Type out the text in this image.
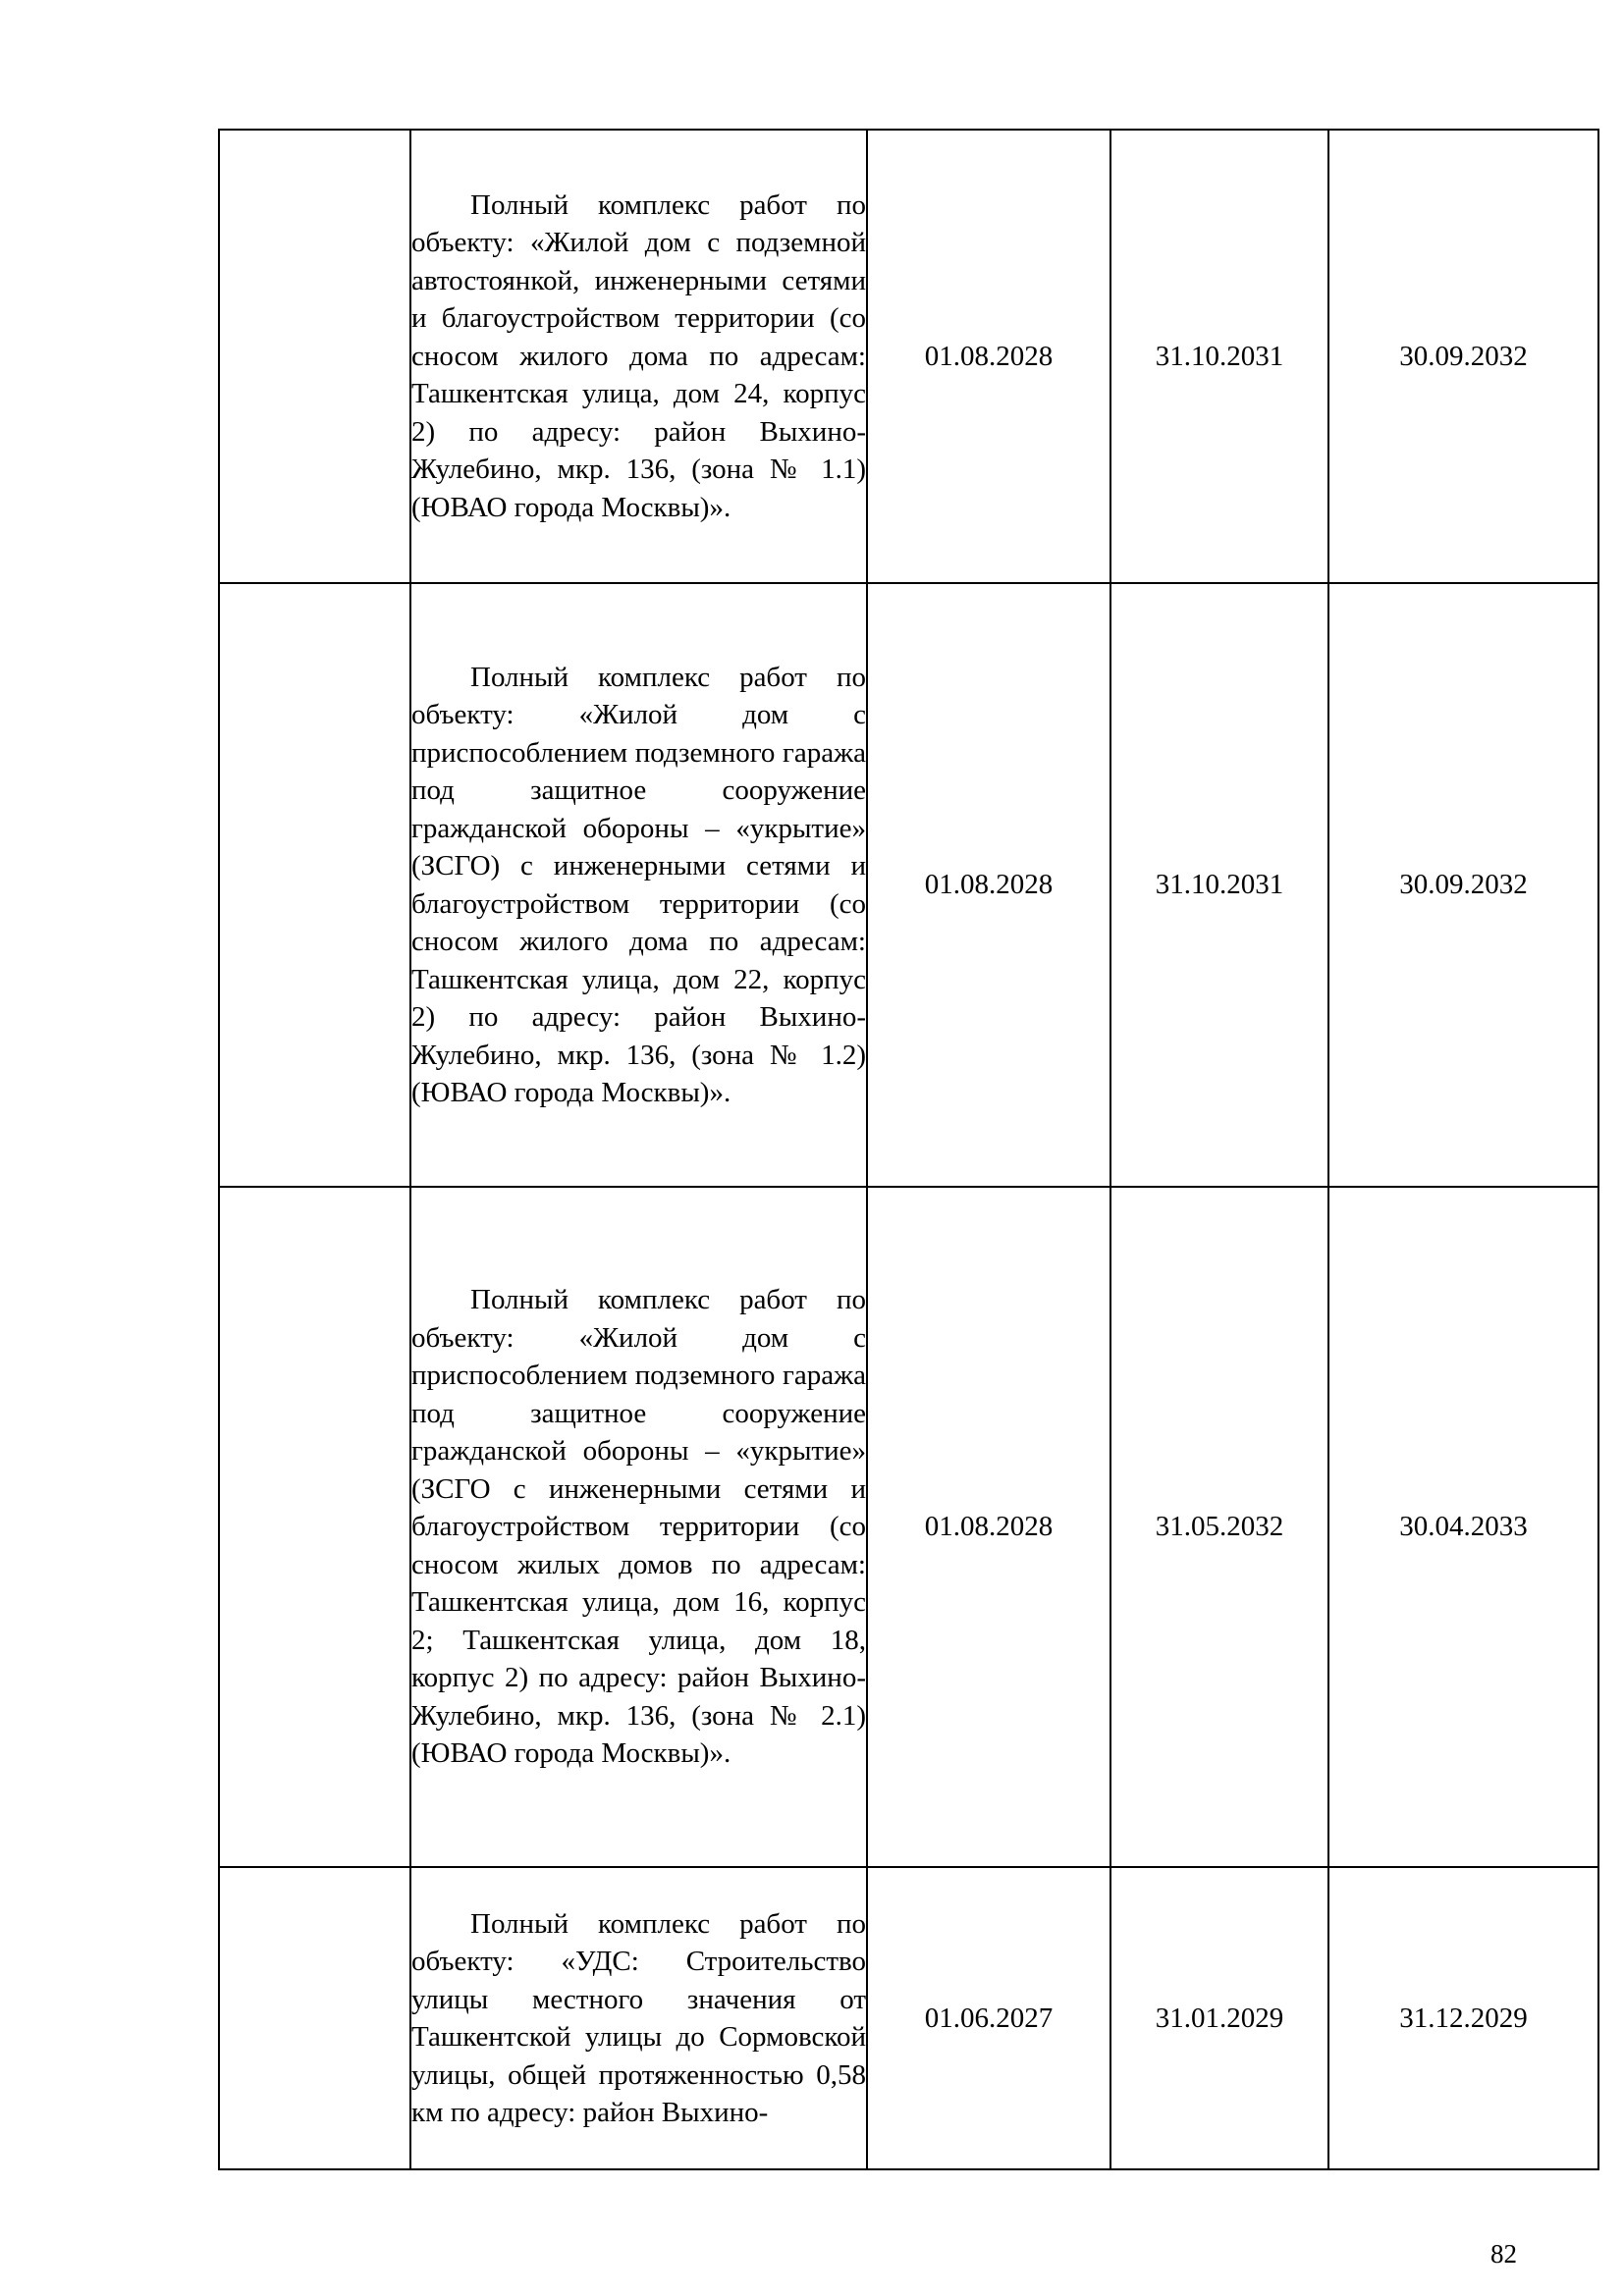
	Полный комплекс работ по объекту: «Жилой дом с подземной автостоянкой, инженерными сетями и благоустройством территории (со сносом жилого дома по адресам: Ташкентская улица, дом 24, корпус 2) по адресу: район Выхино-Жулебино, мкр. 136, (зона № 1.1) (ЮВАО города Москвы)».	01.08.2028	31.10.2031	30.09.2032

	Полный комплекс работ по объекту: «Жилой дом с приспособлением подземного гаража под защитное сооружение гражданской обороны – «укрытие» (ЗСГО) с инженерными сетями и благоустройством территории (со сносом жилого дома по адресам: Ташкентская улица, дом 22, корпус 2) по адресу: район Выхино-Жулебино, мкр. 136, (зона № 1.2) (ЮВАО города Москвы)».	01.08.2028	31.10.2031	30.09.2032

	Полный комплекс работ по объекту: «Жилой дом с приспособлением подземного гаража под защитное сооружение гражданской обороны – «укрытие» (ЗСГО с инженерными сетями и благоустройством территории (со сносом жилых домов по адресам: Ташкентская улица, дом 16, корпус 2; Ташкентская улица, дом 18, корпус 2) по адресу: район Выхино-Жулебино, мкр. 136, (зона № 2.1) (ЮВАО города Москвы)».	01.08.2028	31.05.2032	30.04.2033

	Полный комплекс работ по объекту: «УДС: Строительство улицы местного значения от Ташкентской улицы до Сормовской улицы, общей протяженностью 0,58 км по адресу: район Выхино-	01.06.2027	31.01.2029	31.12.2029
82
